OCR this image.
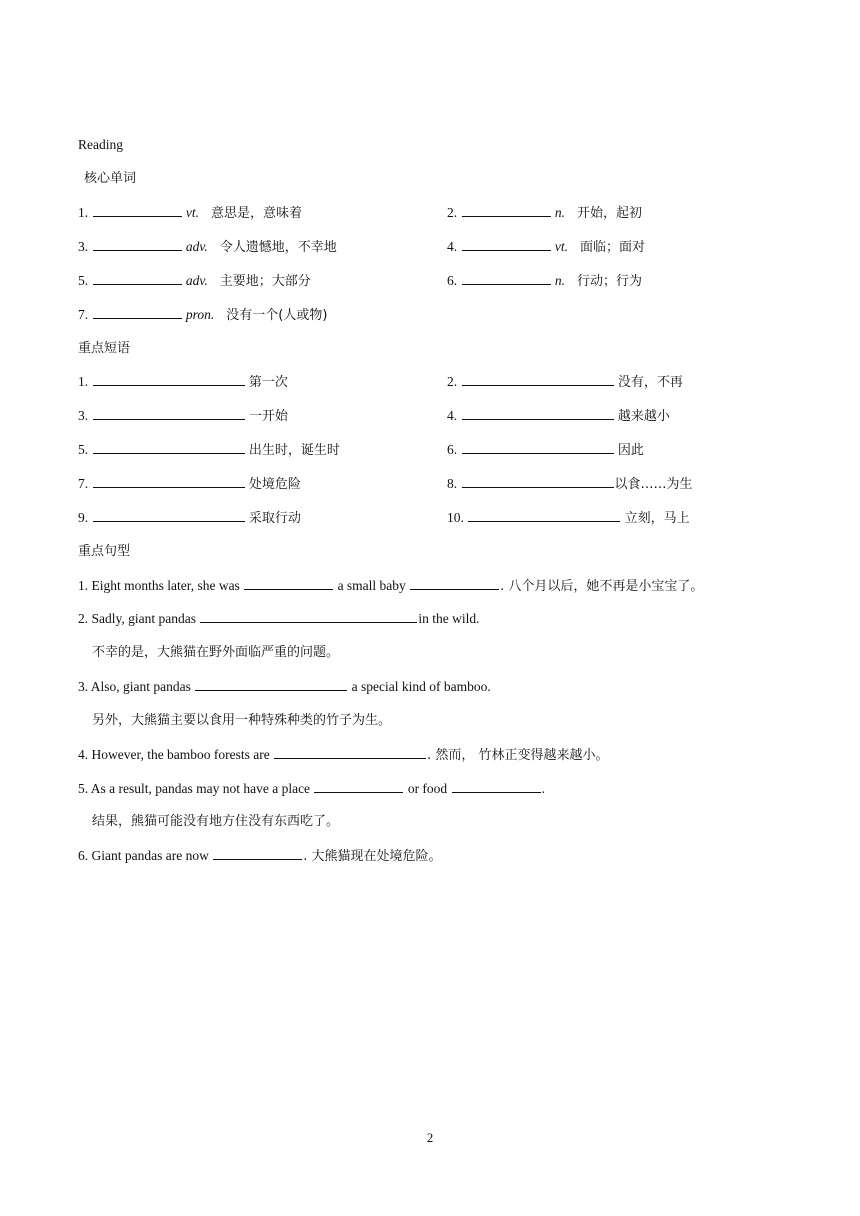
Reading
核心单词
1.	vt. 意思是，意味着	2.	n. 开始，起初
3.	adv. 令人遗憾地，不幸地	4.	vt. 面临；面对
5.	adv. 主要地；大部分	6.	n. 行动；行为
7.	pron. 没有一个(人或物)
重点短语
1.	第一次	2.	没有，不再
3.	一开始	4.	越来越小
5.	出生时，诞生时	6.	因此
7.	处境危险	8.	以食……为生
9.	采取行动	10.	立刻，马上
重点句型
1. Eight months later, she was	a small baby	. 八个月以后，她不再是小宝宝了。
2. Sadly, giant pandas	in the wild.
不幸的是，大熊猫在野外面临严重的问题。
3. Also, giant pandas	a special kind of bamboo.
另外，大熊猫主要以食用一种特殊种类的竹子为生。
4. However, the bamboo forests are	. 然而， 竹林正变得越来越小。
5. As a result, pandas may not have a place	or food	.
结果，熊猫可能没有地方住没有东西吃了。
6. Giant pandas are now	. 大熊猫现在处境危险。
2
